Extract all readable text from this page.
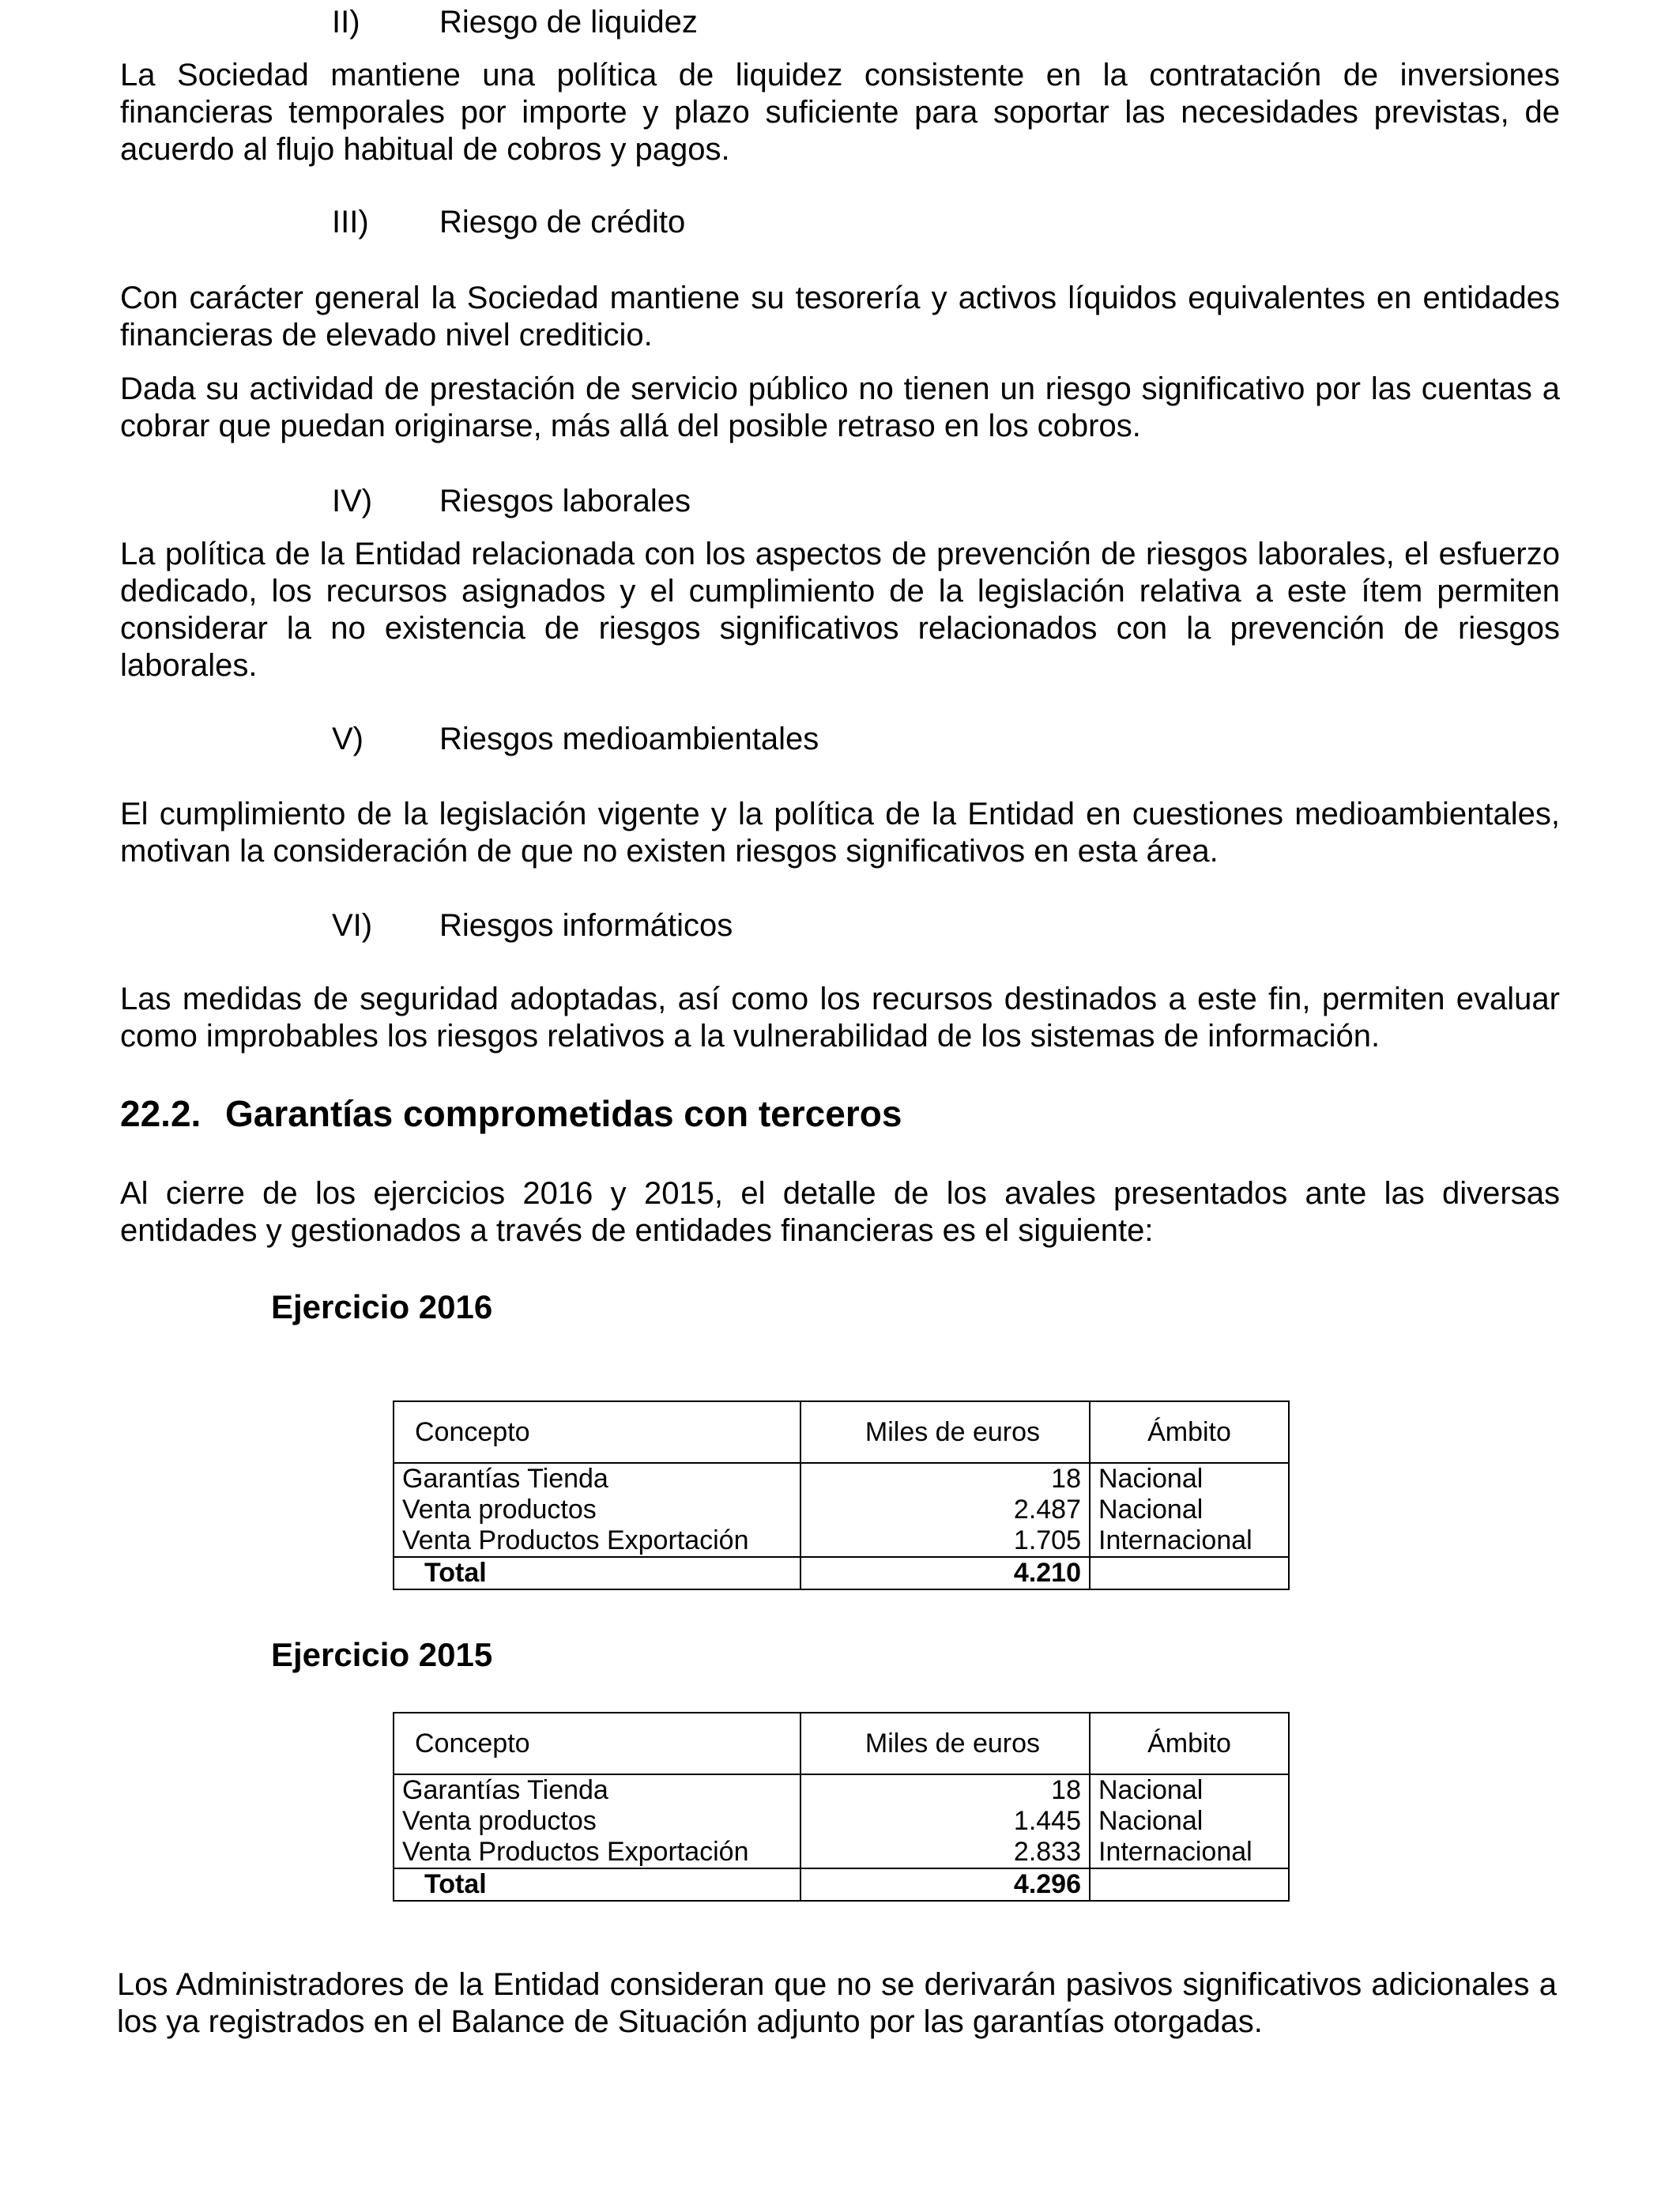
II)	Riesgo de liquidez

La Sociedad mantiene una política de liquidez consistente en la contratación de inversiones financieras temporales por importe y plazo suficiente para soportar las necesidades previstas, de acuerdo al flujo habitual de cobros y pagos.

III) Riesgo de crédito

Con carácter general la Sociedad mantiene su tesorería y activos líquidos equivalentes en entidades financieras de elevado nivel crediticio.

Dada su actividad de prestación de servicio público no tienen un riesgo significativo por las cuentas a cobrar que puedan originarse, más allá del posible retraso en los cobros.

IV) Riesgos laborales

La política de la Entidad relacionada con los aspectos de prevención de riesgos laborales, el esfuerzo dedicado, los recursos asignados y el cumplimiento de la legislación relativa a este ítem permiten considerar la no existencia de riesgos significativos relacionados con la prevención de riesgos laborales.

V) Riesgos medioambientales

El cumplimiento de la legislación vigente y la política de la Entidad en cuestiones medioambientales, motivan la consideración de que no existen riesgos significativos en esta área.

VI) Riesgos informáticos

Las medidas de seguridad adoptadas, así como los recursos destinados a este fin, permiten evaluar como improbables los riesgos relativos a la vulnerabilidad de los sistemas de información.

22.2. Garantías comprometidas con terceros

Al cierre de los ejercicios 2016 y 2015, el detalle de los avales presentados ante las diversas entidades y gestionados a través de entidades financieras es el siguiente:

Ejercicio 2016
Concepto	Miles de euros	Ámbito
Garantías Tienda	18	Nacional
Venta productos	2.487	Nacional
Venta Productos Exportación	1.705	Internacional
Total	4.210	
Ejercicio 2015
Concepto	Miles de euros	Ámbito
Garantías Tienda	18	Nacional
Venta productos	1.445	Nacional
Venta Productos Exportación	2.833	Internacional
Total	4.296	

Los Administradores de la Entidad consideran que no se derivarán pasivos significativos adicionales a los ya registrados en el Balance de Situación adjunto por las garantías otorgadas.
